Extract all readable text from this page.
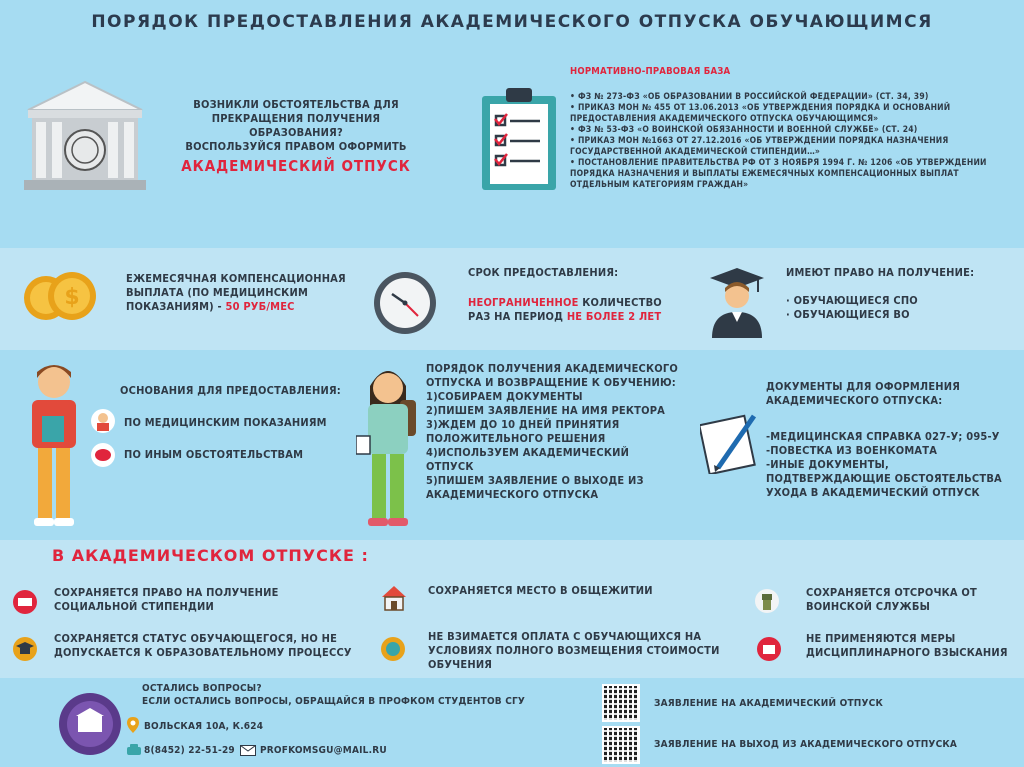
ПОРЯДОК ПРЕДОСТАВЛЕНИЯ АКАДЕМИЧЕСКОГО ОТПУСКА ОБУЧАЮЩИМСЯ
ВОЗНИКЛИ ОБСТОЯТЕЛЬСТВА ДЛЯ
ПРЕКРАЩЕНИЯ ПОЛУЧЕНИЯ
ОБРАЗОВАНИЯ?
ВОСПОЛЬЗУЙСЯ ПРАВОМ ОФОРМИТЬ
АКАДЕМИЧЕСКИЙ ОТПУСК
НОРМАТИВНО-ПРАВОВАЯ БАЗА
• ФЗ № 273-ФЗ «ОБ ОБРАЗОВАНИИ В РОССИЙСКОЙ ФЕДЕРАЦИИ» (СТ. 34, 39)
• ПРИКАЗ МОН № 455 ОТ 13.06.2013 «ОБ УТВЕРЖДЕНИЯ ПОРЯДКА И ОСНОВАНИЙ ПРЕДОСТАВЛЕНИЯ АКАДЕМИЧЕСКОГО ОТПУСКА ОБУЧАЮЩИМСЯ»
• ФЗ № 53-ФЗ «О ВОИНСКОЙ ОБЯЗАННОСТИ И ВОЕННОЙ СЛУЖБЕ» (СТ. 24)
• ПРИКАЗ МОН №1663 ОТ 27.12.2016 «ОБ УТВЕРЖДЕНИИ ПОРЯДКА НАЗНАЧЕНИЯ ГОСУДАРСТВЕННОЙ АКАДЕМИЧЕСКОЙ СТИПЕНДИИ…»
• ПОСТАНОВЛЕНИЕ ПРАВИТЕЛЬСТВА РФ ОТ 3 НОЯБРЯ 1994 Г. № 1206 «ОБ УТВЕРЖДЕНИИ ПОРЯДКА НАЗНАЧЕНИЯ И ВЫПЛАТЫ ЕЖЕМЕСЯЧНЫХ КОМПЕНСАЦИОННЫХ ВЫПЛАТ ОТДЕЛЬНЫМ КАТЕГОРИЯМ ГРАЖДАН»
$
ЕЖЕМЕСЯЧНАЯ КОМПЕНСАЦИОННАЯ
ВЫПЛАТА (ПО МЕДИЦИНСКИМ
ПОКАЗАНИЯМ) - 50 РУБ/МЕС
СРОК ПРЕДОСТАВЛЕНИЯ:
НЕОГРАНИЧЕННОЕ КОЛИЧЕСТВО
РАЗ НА ПЕРИОД НЕ БОЛЕЕ 2 ЛЕТ
ИМЕЮТ ПРАВО НА ПОЛУЧЕНИЕ:
· ОБУЧАЮЩИЕСЯ СПО
· ОБУЧАЮЩИЕСЯ ВО
ОСНОВАНИЯ ДЛЯ ПРЕДОСТАВЛЕНИЯ:
ПО МЕДИЦИНСКИМ ПОКАЗАНИЯМ
ПО ИНЫМ ОБСТОЯТЕЛЬСТВАМ
ПОРЯДОК ПОЛУЧЕНИЯ АКАДЕМИЧЕСКОГО
ОТПУСКА И ВОЗВРАЩЕНИЕ К ОБУЧЕНИЮ:
1)СОБИРАЕМ ДОКУМЕНТЫ
2)ПИШЕМ ЗАЯВЛЕНИЕ НА ИМЯ РЕКТОРА
3)ЖДЕМ ДО 10 ДНЕЙ ПРИНЯТИЯ
ПОЛОЖИТЕЛЬНОГО РЕШЕНИЯ
4)ИСПОЛЬЗУЕМ АКАДЕМИЧЕСКИЙ
ОТПУСК
5)ПИШЕМ ЗАЯВЛЕНИЕ О ВЫХОДЕ ИЗ
АКАДЕМИЧЕСКОГО ОТПУСКА
ДОКУМЕНТЫ ДЛЯ ОФОРМЛЕНИЯ
АКАДЕМИЧЕСКОГО ОТПУСКА:
-МЕДИЦИНСКАЯ СПРАВКА 027-У; 095-У
-ПОВЕСТКА ИЗ ВОЕНКОМАТА
-ИНЫЕ ДОКУМЕНТЫ,
ПОДТВЕРЖДАЮЩИЕ ОБСТОЯТЕЛЬСТВА
УХОДА В АКАДЕМИЧЕСКИЙ ОТПУСК
В АКАДЕМИЧЕСКОМ ОТПУСКЕ :
СОХРАНЯЕТСЯ ПРАВО НА ПОЛУЧЕНИЕ
СОЦИАЛЬНОЙ СТИПЕНДИИ
СОХРАНЯЕТСЯ МЕСТО В ОБЩЕЖИТИИ	СОХРАНЯЕТСЯ ОТСРОЧКА ОТ
ВОИНСКОЙ СЛУЖБЫ
СОХРАНЯЕТСЯ СТАТУС ОБУЧАЮЩЕГОСЯ, НО НЕ
ДОПУСКАЕТСЯ К ОБРАЗОВАТЕЛЬНОМУ ПРОЦЕССУ
НЕ ВЗИМАЕТСЯ ОПЛАТА С ОБУЧАЮЩИХСЯ НА
УСЛОВИЯХ ПОЛНОГО ВОЗМЕЩЕНИЯ СТОИМОСТИ
ОБУЧЕНИЯ
НЕ ПРИМЕНЯЮТСЯ МЕРЫ
ДИСЦИПЛИНАРНОГО ВЗЫСКАНИЯ
ОСТАЛИСЬ ВОПРОСЫ?
ЕСЛИ ОСТАЛИСЬ ВОПРОСЫ, ОБРАЩАЙСЯ В ПРОФКОМ СТУДЕНТОВ СГУ
ВОЛЬСКАЯ 10А, К.624
8(8452) 22-51-29	PROFKOMSGU@MAIL.RU
ЗАЯВЛЕНИЕ НА АКАДЕМИЧЕСКИЙ ОТПУСК
ЗАЯВЛЕНИЕ НА ВЫХОД ИЗ АКАДЕМИЧЕСКОГО ОТПУСКА
